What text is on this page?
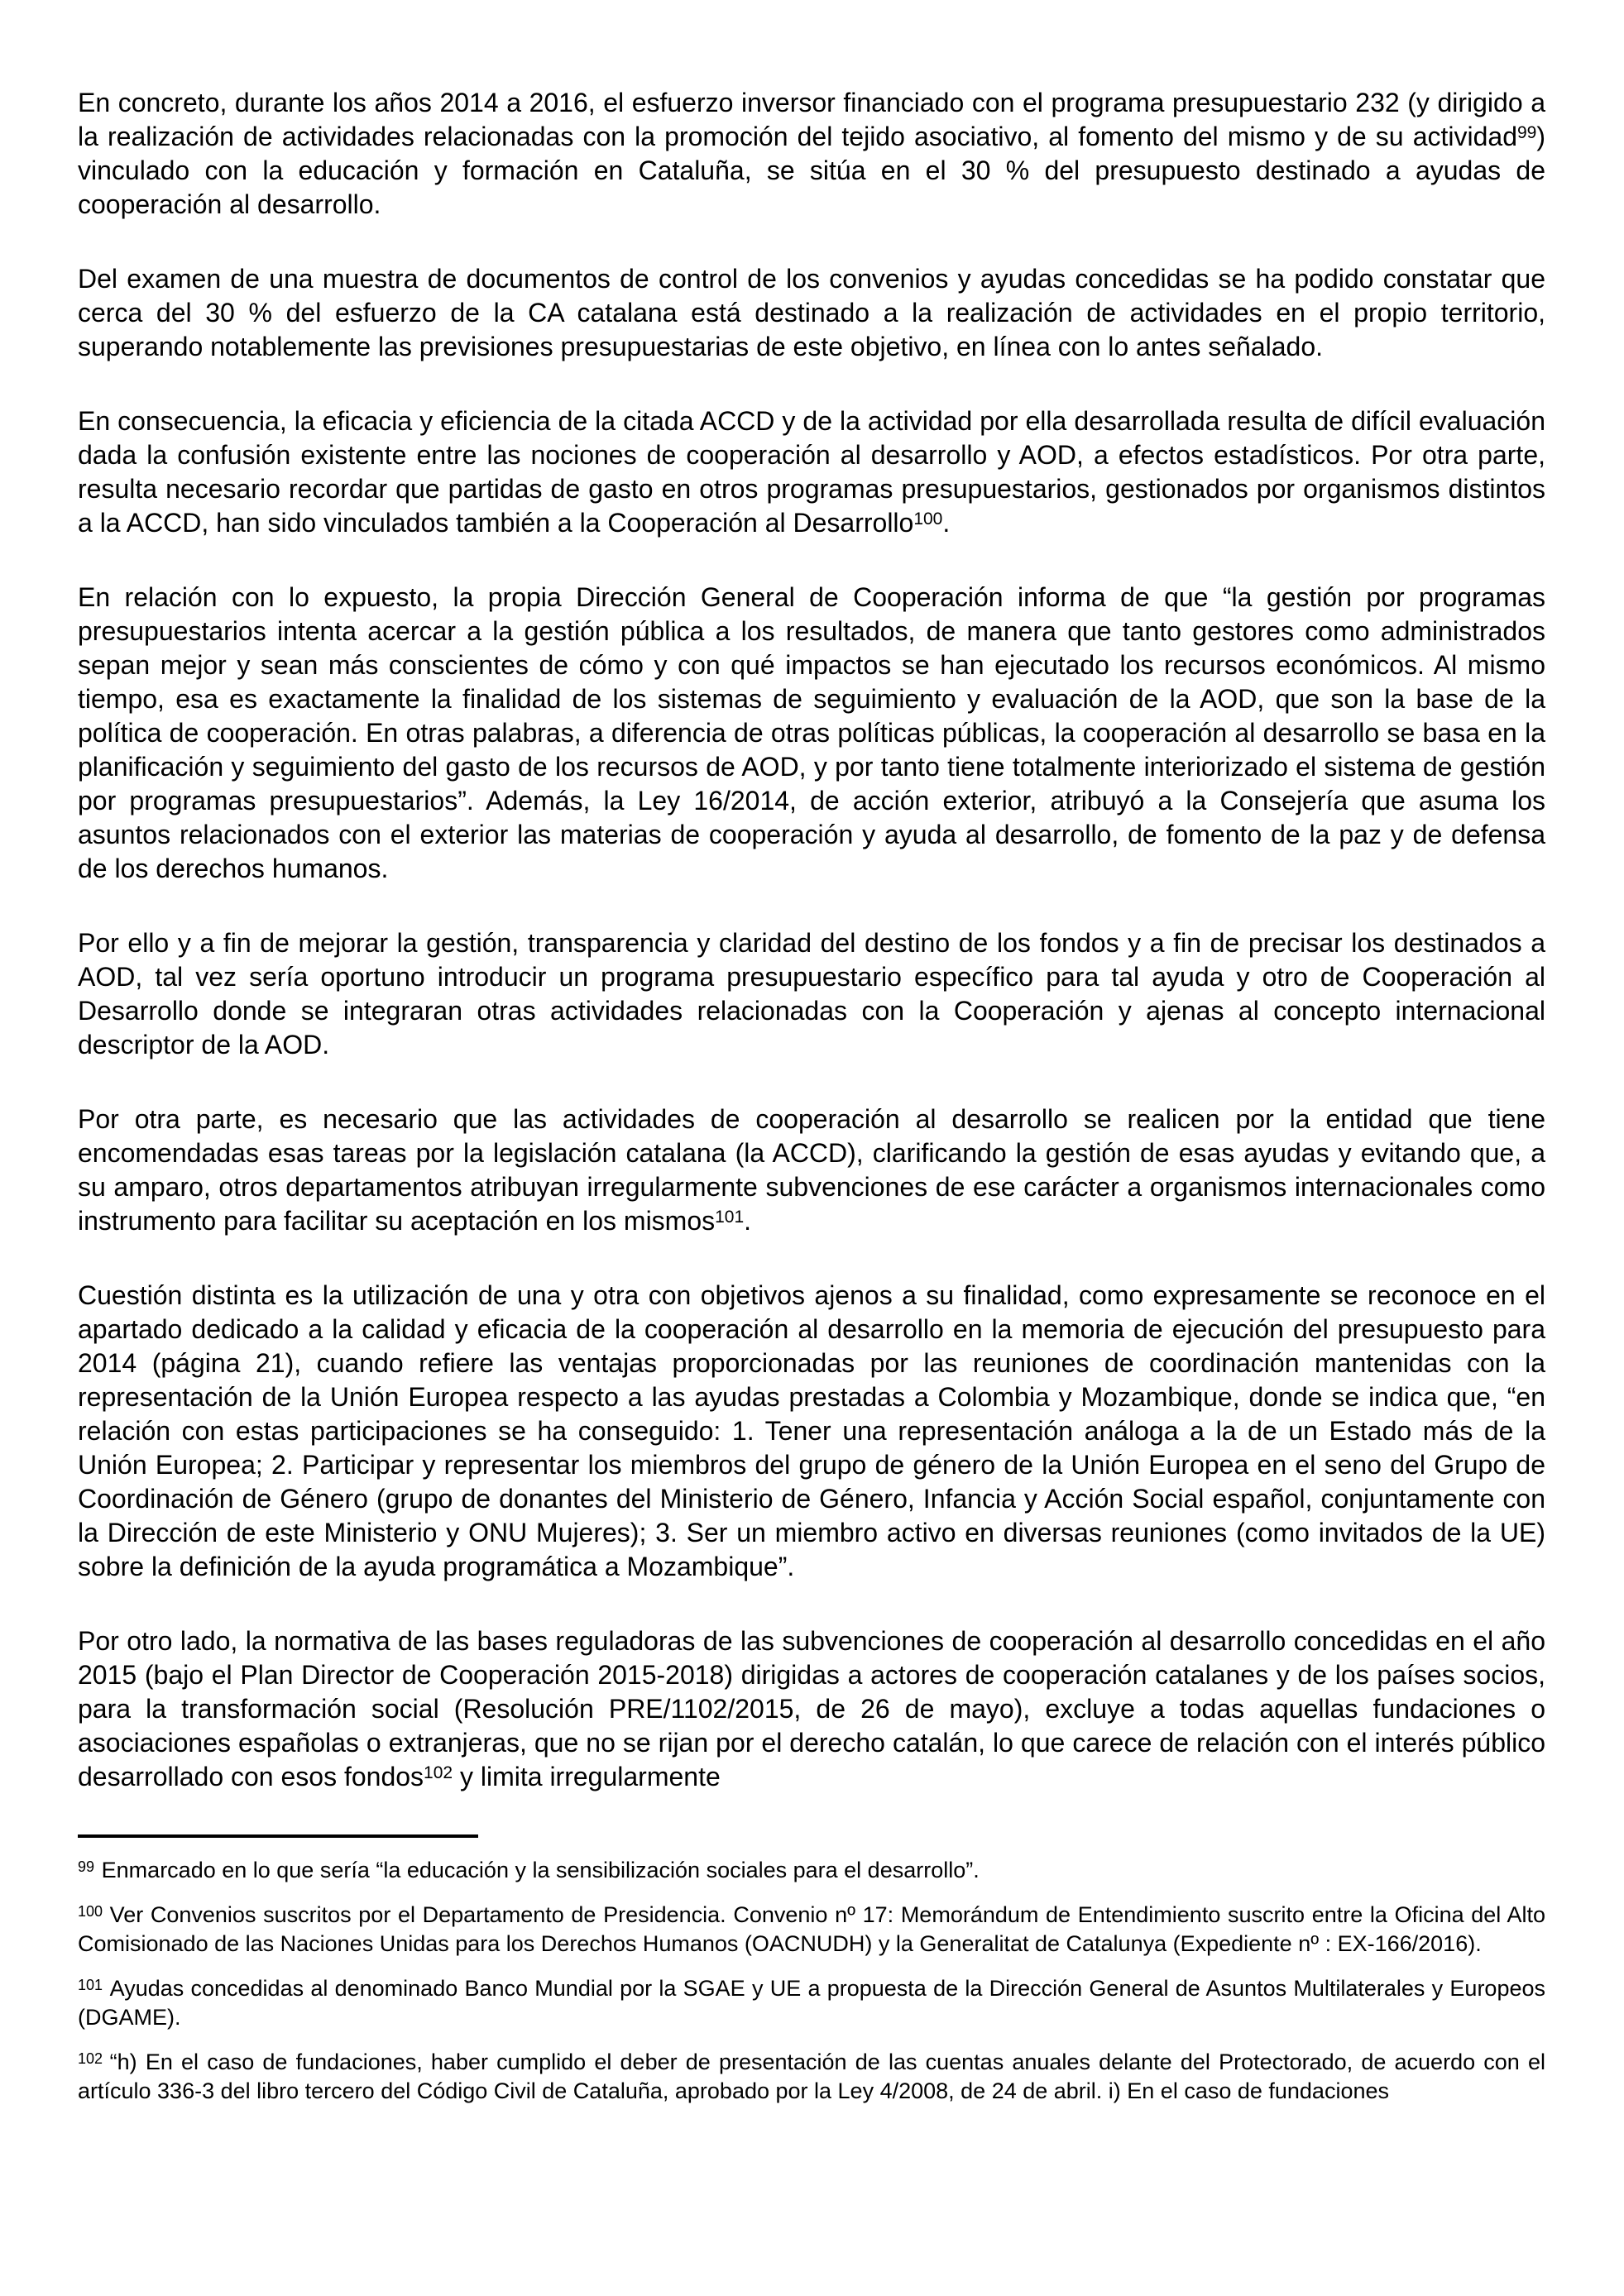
En concreto, durante los años 2014 a 2016, el esfuerzo inversor financiado con el programa presupuestario 232 (y dirigido a la realización de actividades relacionadas con la promoción del tejido asociativo, al fomento del mismo y de su actividad$^{99}$) vinculado con la educación y formación en Cataluña, se sitúa en el 30 % del presupuesto destinado a ayudas de cooperación al desarrollo.

Del examen de una muestra de documentos de control de los convenios y ayudas concedidas se ha podido constatar que cerca del 30 % del esfuerzo de la CA catalana está destinado a la realización de actividades en el propio territorio, superando notablemente las previsiones presupuestarias de este objetivo, en línea con lo antes señalado.

En consecuencia, la eficacia y eficiencia de la citada ACCD y de la actividad por ella desarrollada resulta de difícil evaluación dada la confusión existente entre las nociones de cooperación al desarrollo y AOD, a efectos estadísticos. Por otra parte, resulta necesario recordar que partidas de gasto en otros programas presupuestarios, gestionados por organismos distintos a la ACCD, han sido vinculados también a la Cooperación al Desarrollo$^{100}$.

En relación con lo expuesto, la propia Dirección General de Cooperación informa de que “la gestión por programas presupuestarios intenta acercar a la gestión pública a los resultados, de manera que tanto gestores como administrados sepan mejor y sean más conscientes de cómo y con qué impactos se han ejecutado los recursos económicos. Al mismo tiempo, esa es exactamente la finalidad de los sistemas de seguimiento y evaluación de la AOD, que son la base de la política de cooperación. En otras palabras, a diferencia de otras políticas públicas, la cooperación al desarrollo se basa en la planificación y seguimiento del gasto de los recursos de AOD, y por tanto tiene totalmente interiorizado el sistema de gestión por programas presupuestarios”. Además, la Ley 16/2014, de acción exterior, atribuyó a la Consejería que asuma los asuntos relacionados con el exterior las materias de cooperación y ayuda al desarrollo, de fomento de la paz y de defensa de los derechos humanos.

Por ello y a fin de mejorar la gestión, transparencia y claridad del destino de los fondos y a fin de precisar los destinados a AOD, tal vez sería oportuno introducir un programa presupuestario específico para tal ayuda y otro de Cooperación al Desarrollo donde se integraran otras actividades relacionadas con la Cooperación y ajenas al concepto internacional descriptor de la AOD.

Por otra parte, es necesario que las actividades de cooperación al desarrollo se realicen por la entidad que tiene encomendadas esas tareas por la legislación catalana (la ACCD), clarificando la gestión de esas ayudas y evitando que, a su amparo, otros departamentos atribuyan irregularmente subvenciones de ese carácter a organismos internacionales como instrumento para facilitar su aceptación en los mismos$^{101}$.

Cuestión distinta es la utilización de una y otra con objetivos ajenos a su finalidad, como expresamente se reconoce en el apartado dedicado a la calidad y eficacia de la cooperación al desarrollo en la memoria de ejecución del presupuesto para 2014 (página 21), cuando refiere las ventajas proporcionadas por las reuniones de coordinación mantenidas con la representación de la Unión Europea respecto a las ayudas prestadas a Colombia y Mozambique, donde se indica que, “en relación con estas participaciones se ha conseguido: 1. Tener una representación análoga a la de un Estado más de la Unión Europea; 2. Participar y representar los miembros del grupo de género de la Unión Europea en el seno del Grupo de Coordinación de Género (grupo de donantes del Ministerio de Género, Infancia y Acción Social español, conjuntamente con la Dirección de este Ministerio y ONU Mujeres); 3. Ser un miembro activo en diversas reuniones (como invitados de la UE) sobre la definición de la ayuda programática a Mozambique”.

Por otro lado, la normativa de las bases reguladoras de las subvenciones de cooperación al desarrollo concedidas en el año 2015 (bajo el Plan Director de Cooperación 2015-2018) dirigidas a actores de cooperación catalanes y de los países socios, para la transformación social (Resolución PRE/1102/2015, de 26 de mayo), excluye a todas aquellas fundaciones o asociaciones españolas o extranjeras, que no se rijan por el derecho catalán, lo que carece de relación con el interés público desarrollado con esos fondos$^{102}$ y limita irregularmente

$^{99}$ Enmarcado en lo que sería “la educación y la sensibilización sociales para el desarrollo”.

$^{100}$ Ver Convenios suscritos por el Departamento de Presidencia. Convenio nº 17: Memorándum de Entendimiento suscrito entre la Oficina del Alto Comisionado de las Naciones Unidas para los Derechos Humanos (OACNUDH) y la Generalitat de Catalunya (Expediente nº : EX-166/2016).

$^{101}$ Ayudas concedidas al denominado Banco Mundial por la SGAE y UE a propuesta de la Dirección General de Asuntos Multilaterales y Europeos (DGAME).

$^{102}$ “h) En el caso de fundaciones, haber cumplido el deber de presentación de las cuentas anuales delante del Protectorado, de acuerdo con el artículo 336-3 del libro tercero del Código Civil de Cataluña, aprobado por la Ley 4/2008, de 24 de abril. i) En el caso de fundaciones
